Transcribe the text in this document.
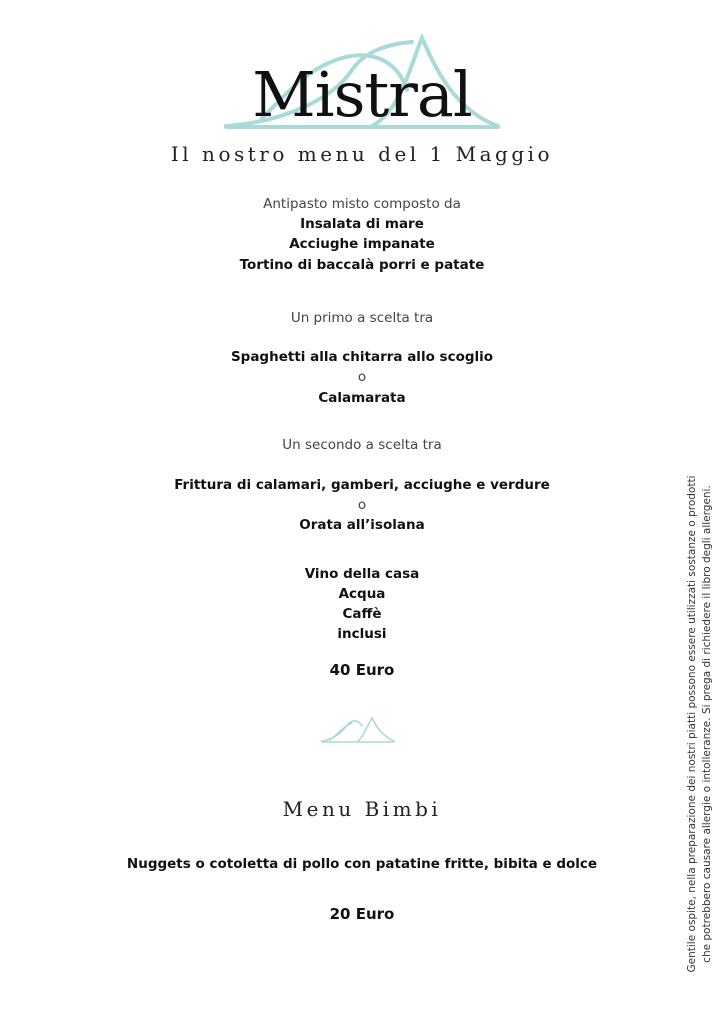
Mistral
Il nostro menu del 1 Maggio
Antipasto misto composto da
Insalata di mare
Acciughe impanate
Tortino di baccalà porri e patate
Un primo a scelta tra
Spaghetti alla chitarra allo scoglio
o
Calamarata
Un secondo a scelta tra
Frittura di calamari, gamberi, acciughe e verdure
o
Orata all’isolana
Vino della casa
Acqua
Caffè
inclusi
40 Euro
Menu Bimbi
Nuggets o cotoletta di pollo con patatine fritte, bibita e dolce
20 Euro	Gentile ospite, nella preparazione dei nostri piatti possono essere utilizzati sostanze o prodotti che potrebbero causare allergie o intolleranze. Si prega di richiedere il libro degli allergeni.
